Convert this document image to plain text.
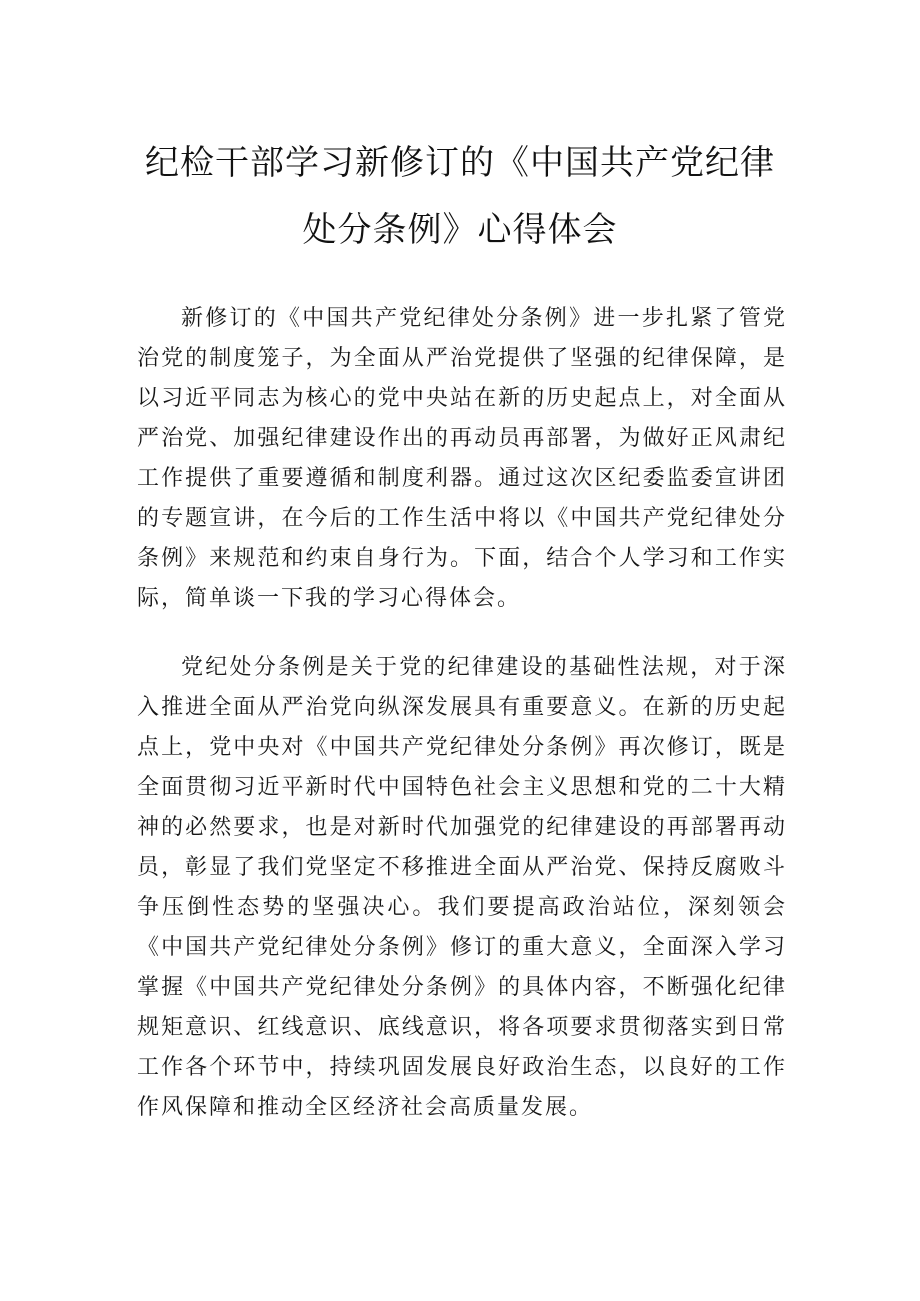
纪检干部学习新修订的《中国共产党纪律
处分条例》心得体会

新修订的《中国共产党纪律处分条例》进一步扎紧了管党治党的制度笼子，为全面从严治党提供了坚强的纪律保障，是以习近平同志为核心的党中央站在新的历史起点上，对全面从严治党、加强纪律建设作出的再动员再部署，为做好正风肃纪工作提供了重要遵循和制度利器。通过这次区纪委监委宣讲团的专题宣讲，在今后的工作生活中将以《中国共产党纪律处分条例》来规范和约束自身行为。下面，结合个人学习和工作实际，简单谈一下我的学习心得体会。

党纪处分条例是关于党的纪律建设的基础性法规，对于深入推进全面从严治党向纵深发展具有重要意义。在新的历史起点上，党中央对《中国共产党纪律处分条例》再次修订，既是全面贯彻习近平新时代中国特色社会主义思想和党的二十大精神的必然要求，也是对新时代加强党的纪律建设的再部署再动员，彰显了我们党坚定不移推进全面从严治党、保持反腐败斗争压倒性态势的坚强决心。我们要提高政治站位，深刻领会《中国共产党纪律处分条例》修订的重大意义，全面深入学习掌握《中国共产党纪律处分条例》的具体内容，不断强化纪律规矩意识、红线意识、底线意识，将各项要求贯彻落实到日常工作各个环节中，持续巩固发展良好政治生态，以良好的工作作风保障和推动全区经济社会高质量发展。
